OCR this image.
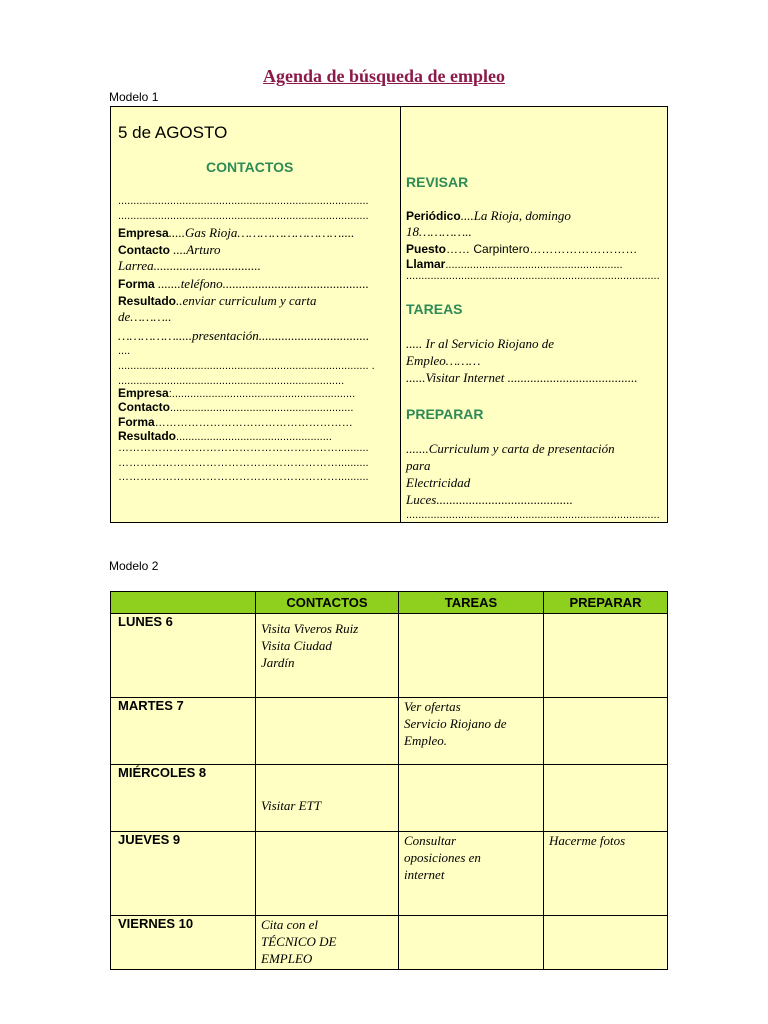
Agenda de búsqueda de empleo
Modelo 1
5 de AGOSTO
CONTACTOS
..................................................................................
..................................................................................
Empresa.....Gas Rioja………………………....
Contacto ....Arturo
Larrea.................................
Forma .......teléfono.............................................
Resultado..enviar curriculum y carta
de………..
…………….....presentación..................................
....
.................................................................................. .
..........................................................................
Empresa:............................................................
Contacto............................................................
Forma………………………………………………
Resultado...................................................
……………………………………………………..........
……………………………………………………..........
……………………………………………………..........
REVISAR
Periódico....La Rioja, domingo
18…………..
Puesto…… Carpintero………………………
Llamar..........................................................
...................................................................................
TAREAS
..... Ir al Servicio Riojano de
Empleo………
......Visitar Internet ........................................
PREPARAR
.......Curriculum y carta de presentación
para
Electricidad
Luces..........................................
...................................................................................
Modelo 2
	CONTACTOS	TAREAS	PREPARAR
LUNES 6	Visita Viveros Ruiz
Visita Ciudad
Jardín		

MARTES 7		Ver ofertas
Servicio Riojano de
Empleo.	

MIÉRCOLES 8	Visitar ETT		

JUEVES 9		Consultar
oposiciones en
internet	Hacerme fotos

VIERNES 10	Cita con el
TÉCNICO DE
EMPLEO		
